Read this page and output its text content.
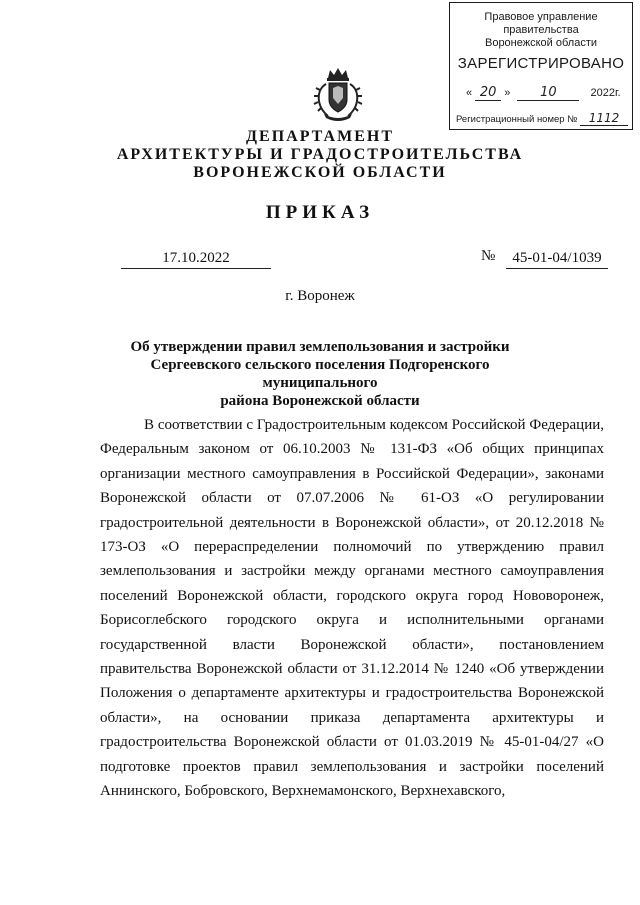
Правовое управление правительства
Воронежской области
ЗАРЕГИСТРИРОВАНО
« 20 » 10	2022г.
Регистрационный номер № 1112
ДЕПАРТАМЕНТ
АРХИТЕКТУРЫ И ГРАДОСТРОИТЕЛЬСТВА
ВОРОНЕЖСКОЙ ОБЛАСТИ
ПРИКАЗ
17.10.2022	№	45-01-04/1039
г. Воронеж
Об утверждении правил землепользования и застройки
Сергеевского сельского поселения Подгоренского муниципального
района Воронежской области

В соответствии с Градостроительным кодексом Российской Федерации, Федеральным законом от 06.10.2003 № 131-ФЗ «Об общих принципах организации местного самоуправления в Российской Федерации», законами Воронежской области от 07.07.2006 № 61-ОЗ «О регулировании градостроительной деятельности в Воронежской области», от 20.12.2018 № 173-ОЗ «О перераспределении полномочий по утверждению правил землепользования и застройки между органами местного самоуправления поселений Воронежской области, городского округа город Нововоронеж, Борисоглебского городского округа и исполнительными органами государственной власти Воронежской области», постановлением правительства Воронежской области от 31.12.2014 № 1240 «Об утверждении Положения о департаменте архитектуры и градостроительства Воронежской области», на основании приказа департамента архитектуры и градостроительства Воронежской области от 01.03.2019 № 45-01-04/27 «О подготовке проектов правил землепользования и застройки поселений Аннинского, Бобровского, Верхнемамонского, Верхнехавского,
